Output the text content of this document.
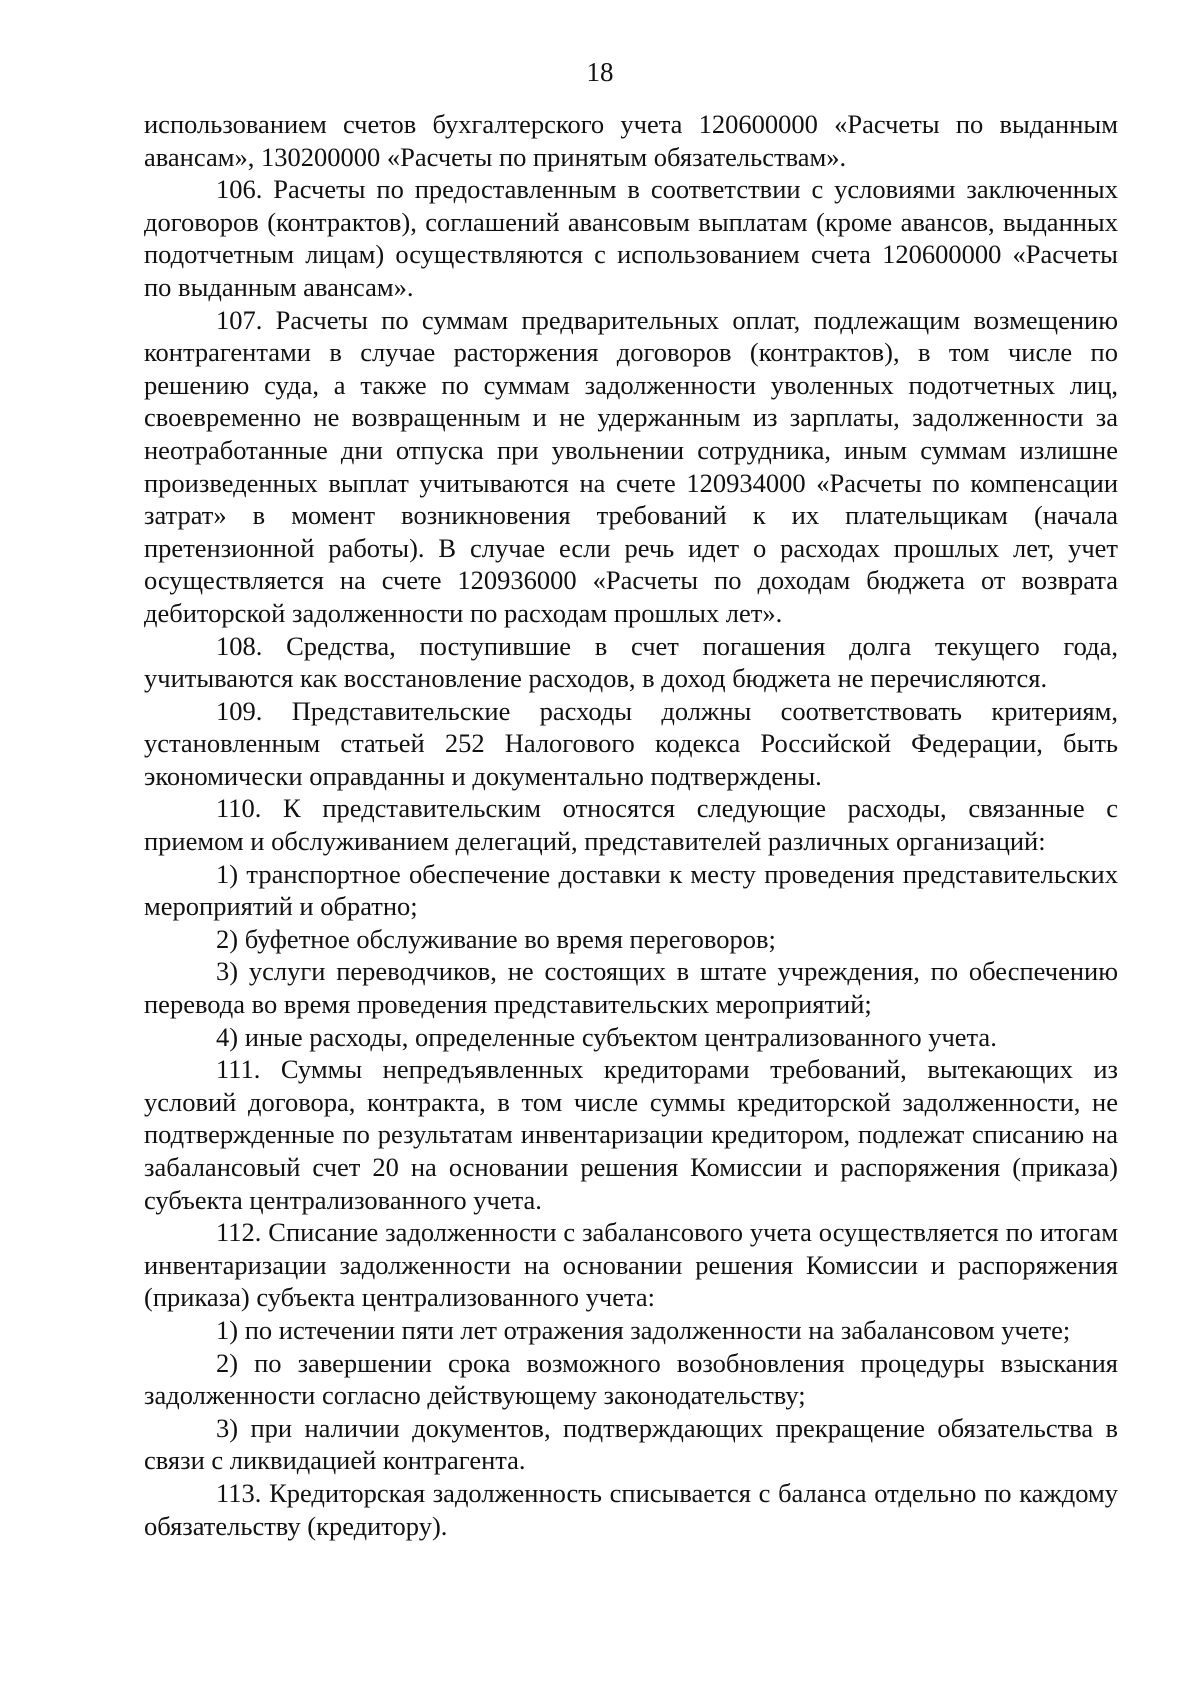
18

использованием счетов бухгалтерского учета 120600000 «Расчеты по выданным авансам», 130200000 «Расчеты по принятым обязательствам».

106. Расчеты по предоставленным в соответствии с условиями заключенных договоров (контрактов), соглашений авансовым выплатам (кроме авансов, выданных подотчетным лицам) осуществляются с использованием счета 120600000 «Расчеты по выданным авансам».

107. Расчеты по суммам предварительных оплат, подлежащим возмещению контрагентами в случае расторжения договоров (контрактов), в том числе по решению суда, а также по суммам задолженности уволенных подотчетных лиц, своевременно не возвращенным и не удержанным из зарплаты, задолженности за неотработанные дни отпуска при увольнении сотрудника, иным суммам излишне произведенных выплат учитываются на счете 120934000 «Расчеты по компенсации затрат» в момент возникновения требований к их плательщикам (начала претензионной работы). В случае если речь идет о расходах прошлых лет, учет осуществляется на счете 120936000 «Расчеты по доходам бюджета от возврата дебиторской задолженности по расходам прошлых лет».

108. Средства, поступившие в счет погашения долга текущего года, учитываются как восстановление расходов, в доход бюджета не перечисляются.

109. Представительские расходы должны соответствовать критериям, установленным статьей 252 Налогового кодекса Российской Федерации, быть экономически оправданны и документально подтверждены.

110. К представительским относятся следующие расходы, связанные с приемом и обслуживанием делегаций, представителей различных организаций:

1) транспортное обеспечение доставки к месту проведения представительских мероприятий и обратно;

2) буфетное обслуживание во время переговоров;

3) услуги переводчиков, не состоящих в штате учреждения, по обеспечению перевода во время проведения представительских мероприятий;

4) иные расходы, определенные субъектом централизованного учета.

111. Суммы непредъявленных кредиторами требований, вытекающих из условий договора, контракта, в том числе суммы кредиторской задолженности, не подтвержденные по результатам инвентаризации кредитором, подлежат списанию на забалансовый счет 20 на основании решения Комиссии и распоряжения (приказа) субъекта централизованного учета.

112. Списание задолженности с забалансового учета осуществляется по итогам инвентаризации задолженности на основании решения Комиссии и распоряжения (приказа) субъекта централизованного учета:

1) по истечении пяти лет отражения задолженности на забалансовом учете;

2) по завершении срока возможного возобновления процедуры взыскания задолженности согласно действующему законодательству;

3) при наличии документов, подтверждающих прекращение обязательства в связи с ликвидацией контрагента.

113. Кредиторская задолженность списывается с баланса отдельно по каждому обязательству (кредитору).
